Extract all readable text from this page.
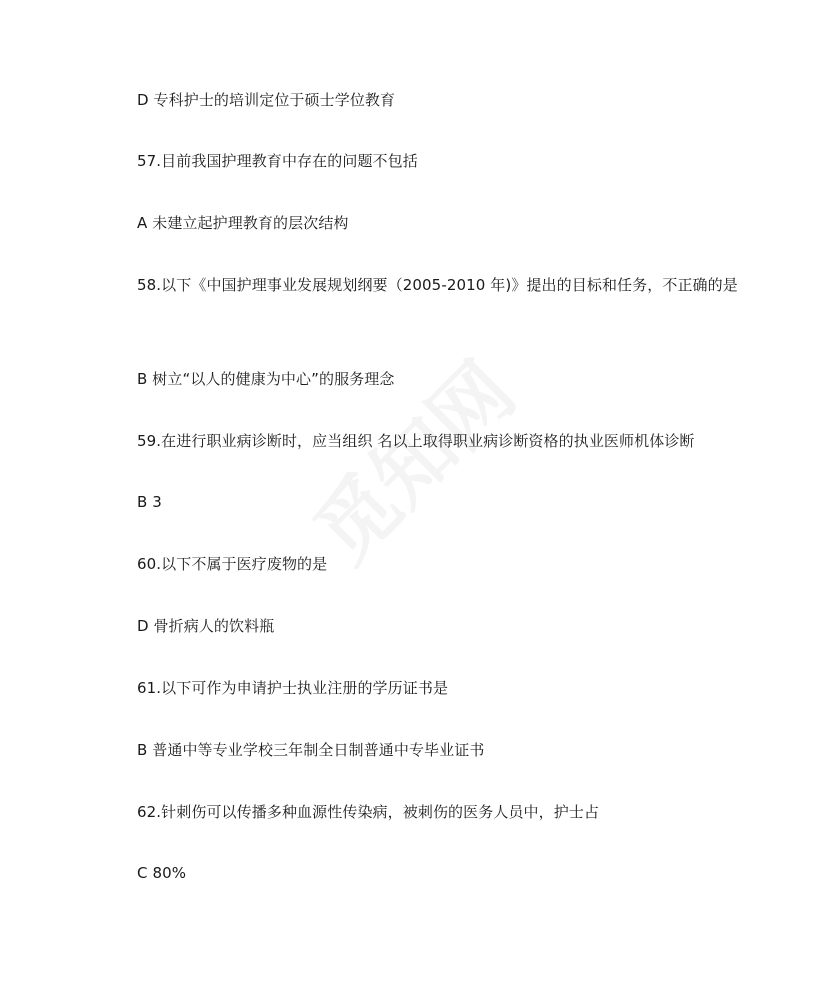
D 专科护士的培训定位于硕士学位教育
57.目前我国护理教育中存在的问题不包括
A 未建立起护理教育的层次结构
58.以下《中国护理事业发展规划纲要（2005-2010 年)》提出的目标和任务，不正确的是
B 树立“以人的健康为中心”的服务理念
59.在进行职业病诊断时，应当组织 名以上取得职业病诊断资格的执业医师机体诊断
B 3
60.以下不属于医疗废物的是
D 骨折病人的饮料瓶
61.以下可作为申请护士执业注册的学历证书是
B 普通中等专业学校三年制全日制普通中专毕业证书
62.针刺伤可以传播多种血源性传染病，被刺伤的医务人员中，护士占
C 80%
